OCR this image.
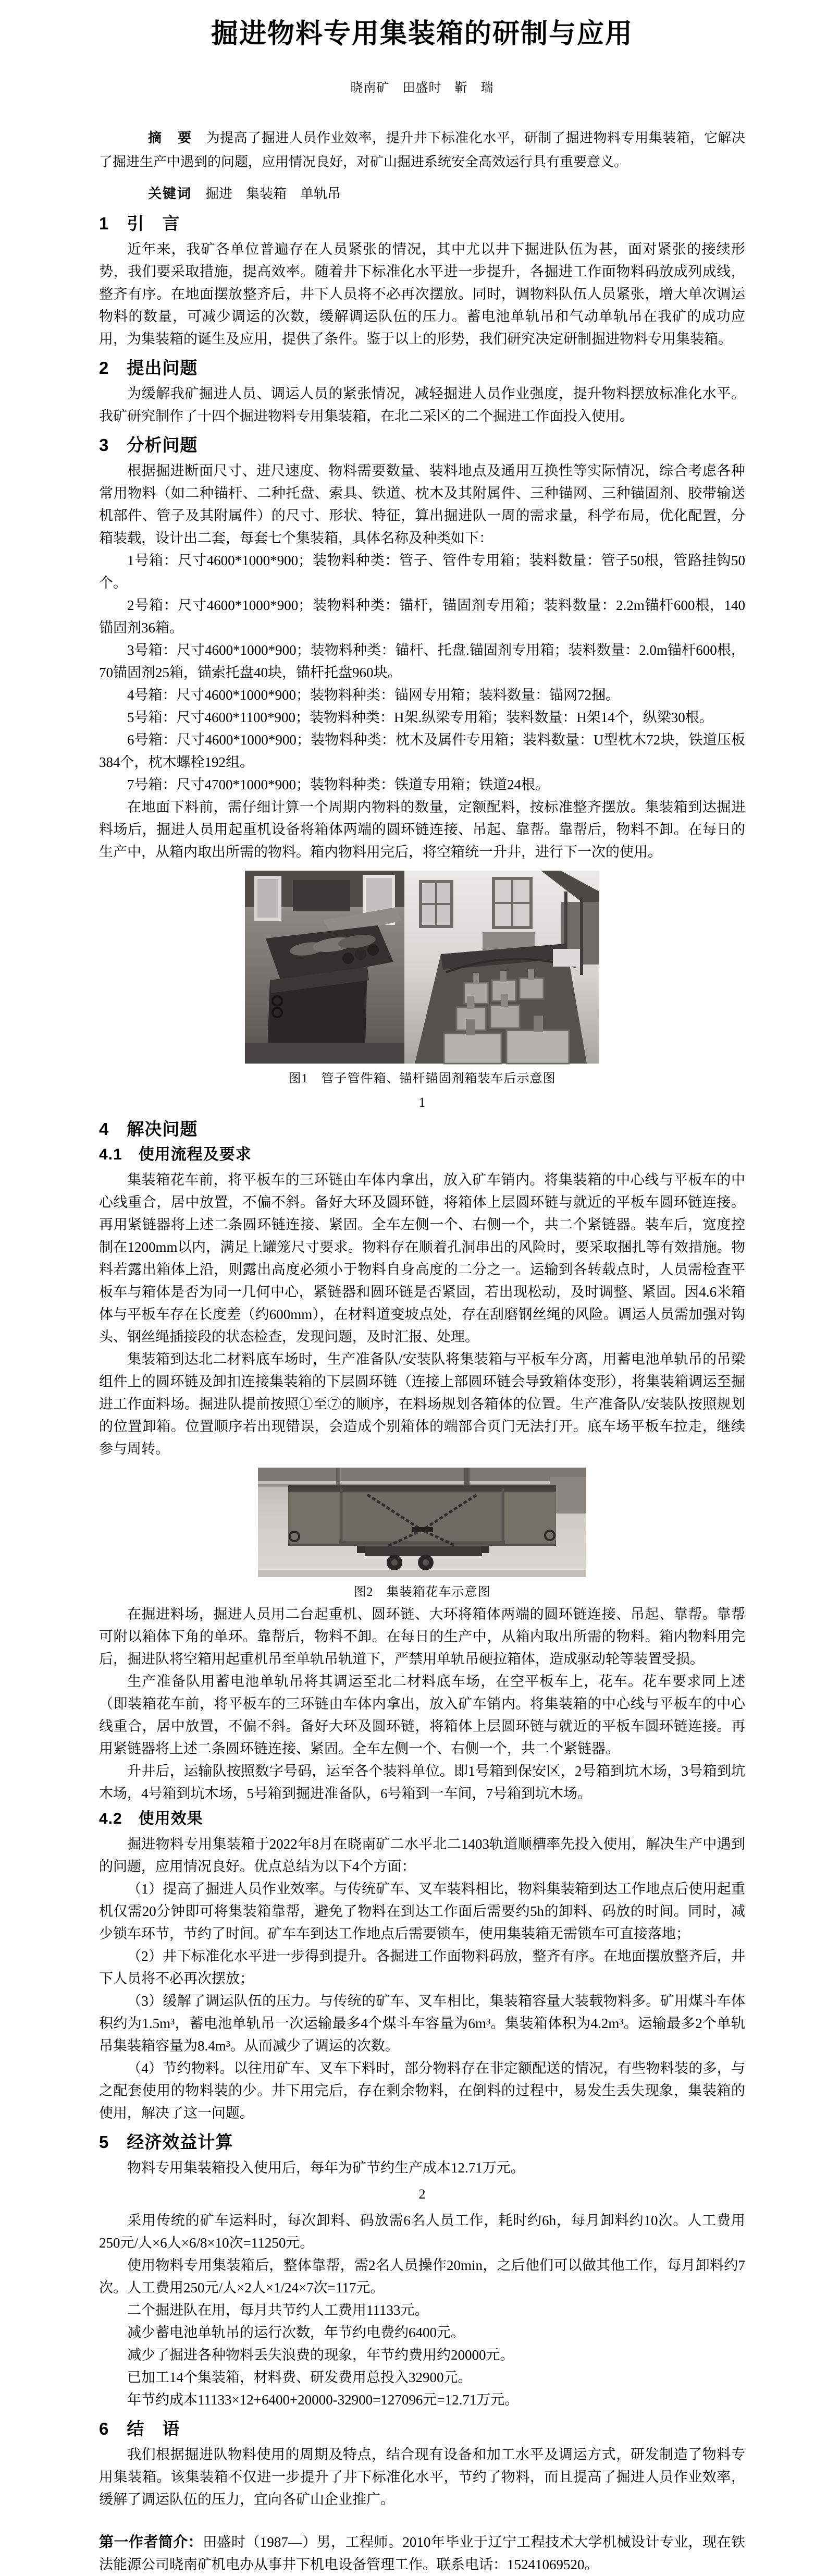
掘进物料专用集装箱的研制与应用
晓南矿　田盛时　靳　瑞

摘　要 为提高了掘进人员作业效率，提升井下标准化水平，研制了掘进物料专用集装箱，它解决了掘进生产中遇到的问题，应用情况良好，对矿山掘进系统安全高效运行具有重要意义。

关键词 掘进　集装箱　单轨吊

1　引　言

近年来，我矿各单位普遍存在人员紧张的情况，其中尤以井下掘进队伍为甚，面对紧张的接续形势，我们要采取措施，提高效率。随着井下标准化水平进一步提升，各掘进工作面物料码放成列成线，整齐有序。在地面摆放整齐后，井下人员将不必再次摆放。同时，调物料队伍人员紧张，增大单次调运物料的数量，可减少调运的次数，缓解调运队伍的压力。蓄电池单轨吊和气动单轨吊在我矿的成功应用，为集装箱的诞生及应用，提供了条件。鉴于以上的形势，我们研究决定研制掘进物料专用集装箱。

2　提出问题

为缓解我矿掘进人员、调运人员的紧张情况，减轻掘进人员作业强度，提升物料摆放标准化水平。我矿研究制作了十四个掘进物料专用集装箱，在北二采区的二个掘进工作面投入使用。

3　分析问题

根据掘进断面尺寸、进尺速度、物料需要数量、装料地点及通用互换性等实际情况，综合考虑各种常用物料（如二种锚杆、二种托盘、索具、铁道、枕木及其附属件、三种锚网、三种锚固剂、胶带输送机部件、管子及其附属件）的尺寸、形状、特征，算出掘进队一周的需求量，科学布局，优化配置，分箱装载，设计出二套，每套七个集装箱，具体名称及种类如下：

1号箱：尺寸4600*1000*900；装物料种类：管子、管件专用箱；装料数量：管子50根，管路挂钩50个。

2号箱：尺寸4600*1000*900；装物料种类：锚杆，锚固剂专用箱；装料数量：2.2m锚杆600根，140锚固剂36箱。

3号箱：尺寸4600*1000*900；装物料种类：锚杆、托盘.锚固剂专用箱；装料数量：2.0m锚杆600根，70锚固剂25箱，锚索托盘40块，锚杆托盘960块。

4号箱：尺寸4600*1000*900；装物料种类：锚网专用箱；装料数量：锚网72捆。

5号箱：尺寸4600*1100*900；装物料种类：H架.纵梁专用箱；装料数量：H架14个，纵梁30根。

6号箱：尺寸4600*1000*900；装物料种类：枕木及属件专用箱；装料数量：U型枕木72块，铁道压板384个，枕木螺栓192组。

7号箱：尺寸4700*1000*900；装物料种类：铁道专用箱；铁道24根。

在地面下料前，需仔细计算一个周期内物料的数量，定额配料，按标准整齐摆放。集装箱到达掘进料场后，掘进人员用起重机设备将箱体两端的圆环链连接、吊起、靠帮。靠帮后，物料不卸。在每日的生产中，从箱内取出所需的物料。箱内物料用完后，将空箱统一升井，进行下一次的使用。

图1　管子管件箱、锚杆锚固剂箱装车后示意图
1
4　解决问题
4.1　使用流程及要求

集装箱花车前，将平板车的三环链由车体内拿出，放入矿车销内。将集装箱的中心线与平板车的中心线重合，居中放置，不偏不斜。备好大环及圆环链，将箱体上层圆环链与就近的平板车圆环链连接。再用紧链器将上述二条圆环链连接、紧固。全车左侧一个、右侧一个，共二个紧链器。装车后，宽度控制在1200mm以内，满足上罐笼尺寸要求。物料存在顺着孔洞串出的风险时，要采取捆扎等有效措施。物料若露出箱体上沿，则露出高度必须小于物料自身高度的二分之一。运输到各转载点时，人员需检查平板车与箱体是否为同一几何中心，紧链器和圆环链是否紧固，若出现松动，及时调整、紧固。因4.6米箱体与平板车存在长度差（约600mm），在材料道变坡点处，存在刮磨钢丝绳的风险。调运人员需加强对钩头、钢丝绳插接段的状态检查，发现问题，及时汇报、处理。

集装箱到达北二材料底车场时，生产准备队/安装队将集装箱与平板车分离，用蓄电池单轨吊的吊梁组件上的圆环链及卸扣连接集装箱的下层圆环链（连接上部圆环链会导致箱体变形），将集装箱调运至掘进工作面料场。掘进队提前按照①至⑦的顺序，在料场规划各箱体的位置。生产准备队/安装队按照规划的位置卸箱。位置顺序若出现错误，会造成个别箱体的端部合页门无法打开。底车场平板车拉走，继续参与周转。

图2　集装箱花车示意图

在掘进料场，掘进人员用二台起重机、圆环链、大环将箱体两端的圆环链连接、吊起、靠帮。靠帮可附以箱体下角的单环。靠帮后，物料不卸。在每日的生产中，从箱内取出所需的物料。箱内物料用完后，掘进队将空箱用起重机吊至单轨吊轨道下，严禁用单轨吊硬拉箱体，造成驱动轮等装置受损。

生产准备队用蓄电池单轨吊将其调运至北二材料底车场，在空平板车上，花车。花车要求同上述（即装箱花车前，将平板车的三环链由车体内拿出，放入矿车销内。将集装箱的中心线与平板车的中心线重合，居中放置，不偏不斜。备好大环及圆环链，将箱体上层圆环链与就近的平板车圆环链连接。再用紧链器将上述二条圆环链连接、紧固。全车左侧一个、右侧一个，共二个紧链器。

升井后，运输队按照数字号码，运至各个装料单位。即1号箱到保安区，2号箱到坑木场，3号箱到坑木场，4号箱到坑木场，5号箱到掘进准备队，6号箱到一车间，7号箱到坑木场。

4.2　使用效果

掘进物料专用集装箱于2022年8月在晓南矿二水平北二1403轨道顺槽率先投入使用，解决生产中遇到的问题，应用情况良好。优点总结为以下4个方面：

（1）提高了掘进人员作业效率。与传统矿车、叉车装料相比，物料集装箱到达工作地点后使用起重机仅需20分钟即可将集装箱靠帮，避免了物料在到达工作面后需要约5h的卸料、码放的时间。同时，减少锁车环节，节约了时间。矿车车到达工作地点后需要锁车，使用集装箱无需锁车可直接落地；

（2）井下标准化水平进一步得到提升。各掘进工作面物料码放，整齐有序。在地面摆放整齐后，井下人员将不必再次摆放；

（3）缓解了调运队伍的压力。与传统的矿车、叉车相比，集装箱容量大装载物料多。矿用煤斗车体积约为1.5m³，蓄电池单轨吊一次运输最多4个煤斗车容量为6m³。集装箱体积为4.2m³。运输最多2个单轨吊集装箱容量为8.4m³。从而减少了调运的次数。

（4）节约物料。以往用矿车、叉车下料时，部分物料存在非定额配送的情况，有些物料装的多，与之配套使用的物料装的少。井下用完后，存在剩余物料，在倒料的过程中，易发生丢失现象，集装箱的使用，解决了这一问题。

5　经济效益计算

物料专用集装箱投入使用后，每年为矿节约生产成本12.71万元。

2

采用传统的矿车运料时，每次卸料、码放需6名人员工作，耗时约6h，每月卸料约10次。人工费用250元/人×6人×6/8×10次=11250元。

使用物料专用集装箱后，整体靠帮，需2名人员操作20min，之后他们可以做其他工作，每月卸料约7次。人工费用250元/人×2人×1/24×7次=117元。

二个掘进队在用，每月共节约人工费用11133元。

减少蓄电池单轨吊的运行次数，年节约电费约6400元。

减少了掘进各种物料丢失浪费的现象，年节约费用约20000元。

已加工14个集装箱，材料费、研发费用总投入32900元。

年节约成本11133×12+6400+20000-32900=127096元=12.71万元。

6　结　语

我们根据掘进队物料使用的周期及特点，结合现有设备和加工水平及调运方式，研发制造了物料专用集装箱。该集装箱不仅进一步提升了井下标准化水平，节约了物料，而且提高了掘进人员作业效率，缓解了调运队伍的压力，宜向各矿山企业推广。

第一作者简介：田盛时（1987—）男，工程师。2010年毕业于辽宁工程技术大学机械设计专业，现在铁法能源公司晓南矿机电办从事井下机电设备管理工作。联系电话：15241069520。
